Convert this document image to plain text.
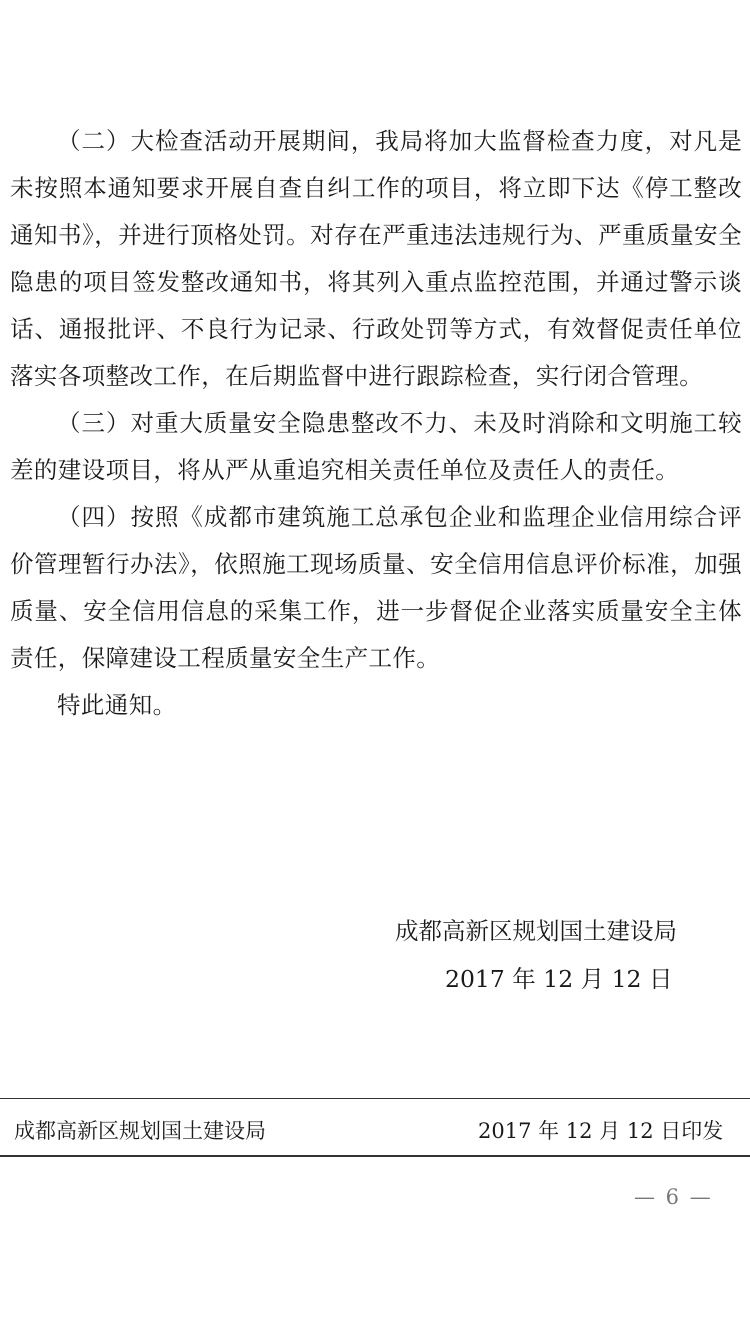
（二）大检查活动开展期间，我局将加大监督检查力度，对凡是未按照本通知要求开展自查自纠工作的项目，将立即下达《停工整改通知书》，并进行顶格处罚。对存在严重违法违规行为、严重质量安全隐患的项目签发整改通知书，将其列入重点监控范围，并通过警示谈话、通报批评、不良行为记录、行政处罚等方式，有效督促责任单位落实各项整改工作，在后期监督中进行跟踪检查，实行闭合管理。

（三）对重大质量安全隐患整改不力、未及时消除和文明施工较差的建设项目，将从严从重追究相关责任单位及责任人的责任。

（四）按照《成都市建筑施工总承包企业和监理企业信用综合评价管理暂行办法》，依照施工现场质量、安全信用信息评价标准，加强质量、安全信用信息的采集工作，进一步督促企业落实质量安全主体责任，保障建设工程质量安全生产工作。

特此通知。

成都高新区规划国土建设局
2017 年 12 月 12 日
成都高新区规划国土建设局	2017 年 12 月 12 日印发
— 6 —
